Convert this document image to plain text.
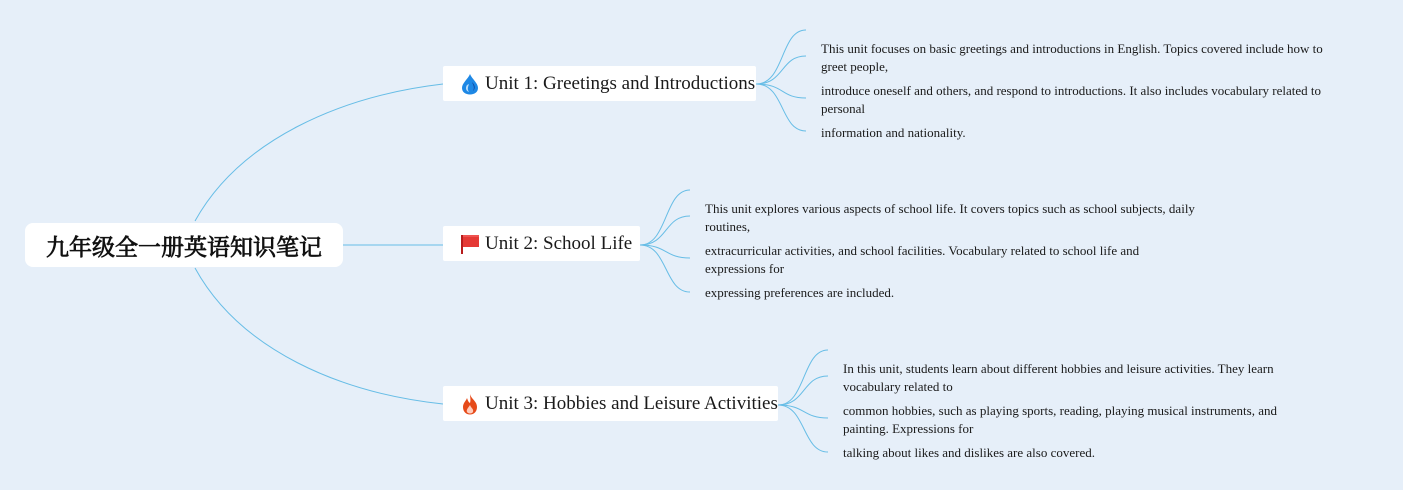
九年级全一册英语知识笔记
Unit 1: Greetings and Introductions
Unit 2: School Life
Unit 3: Hobbies and Leisure Activities
This unit focuses on basic greetings and introductions in English. Topics covered include how to greet people,
introduce oneself and others, and respond to introductions. It also includes vocabulary related to personal
information and nationality.
This unit explores various aspects of school life. It covers topics such as school subjects, daily routines,
extracurricular activities, and school facilities. Vocabulary related to school life and expressions for
expressing preferences are included.
In this unit, students learn about different hobbies and leisure activities. They learn vocabulary related to
common hobbies, such as playing sports, reading, playing musical instruments, and painting. Expressions for
talking about likes and dislikes are also covered.
